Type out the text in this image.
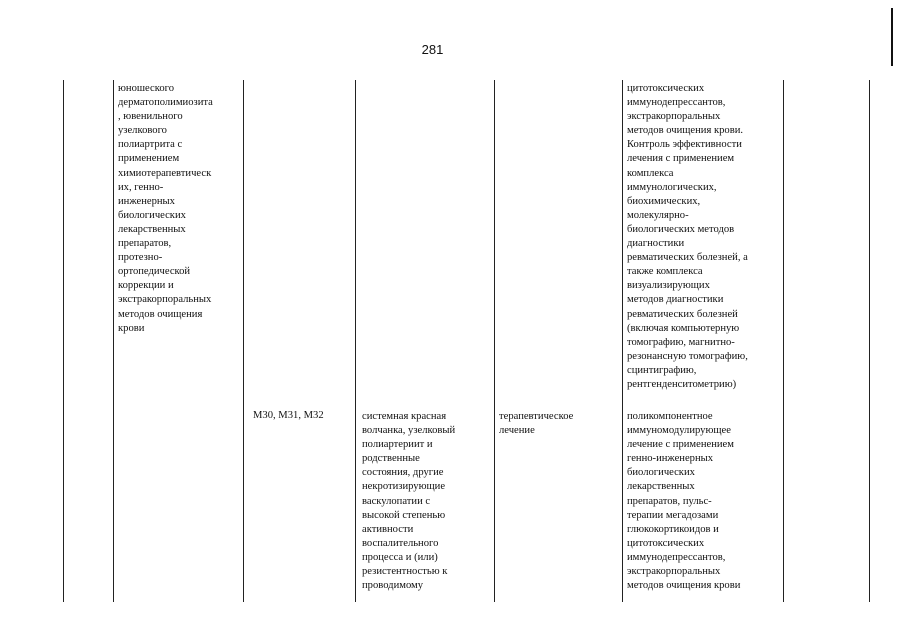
281
юношеского
дерматополимиозита
, ювенильного
узелкового
полиартрита с
применением
химиотерапевтическ
их, генно-
инженерных
биологических
лекарственных
препаратов,
протезно-
ортопедической
коррекции и
экстракорпоральных
методов очищения
крови
цитотоксических
иммунодепрессантов,
экстракорпоральных
методов очищения крови.
Контроль эффективности
лечения с применением
комплекса
иммунологических,
биохимических,
молекулярно-
биологических методов
диагностики
ревматических болезней, а
также комплекса
визуализирующих
методов диагностики
ревматических болезней
(включая компьютерную
томографию, магнитно-
резонансную томографию,
сцинтиграфию,
рентгенденситометрию)
M30, M31, M32	системная красная
волчанка, узелковый
полиартериит и
родственные
состояния, другие
некротизирующие
васкулопатии с
высокой степенью
активности
воспалительного
процесса и (или)
резистентностью к
проводимому
терапевтическое
лечение
поликомпонентное
иммуномодулирующее
лечение с применением
генно-инженерных
биологических
лекарственных
препаратов, пульс-
терапии мегадозами
глюкокортикоидов и
цитотоксических
иммунодепрессантов,
экстракорпоральных
методов очищения крови
